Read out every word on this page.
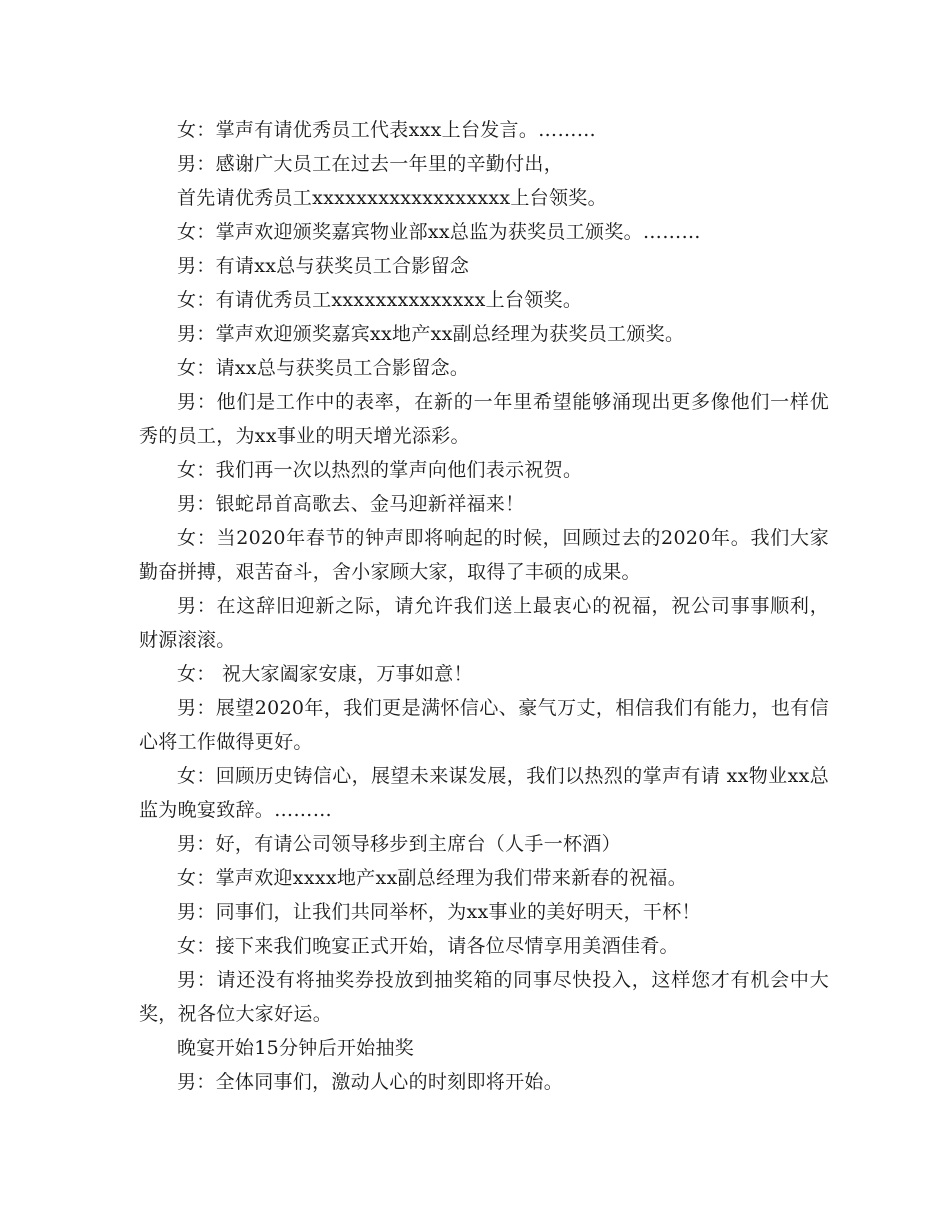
女：掌声有请优秀员工代表xxx上台发言。………

男：感谢广大员工在过去一年里的辛勤付出，

首先请优秀员工xxxxxxxxxxxxxxxxxx上台领奖。

女：掌声欢迎颁奖嘉宾物业部xx总监为获奖员工颁奖。………

男：有请xx总与获奖员工合影留念

女：有请优秀员工xxxxxxxxxxxxxx上台领奖。

男：掌声欢迎颁奖嘉宾xx地产xx副总经理为获奖员工颁奖。

女：请xx总与获奖员工合影留念。

男：他们是工作中的表率，在新的一年里希望能够涌现出更多像他们一样优秀的员工，为xx事业的明天增光添彩。

女：我们再一次以热烈的掌声向他们表示祝贺。

男：银蛇昂首高歌去、金马迎新祥福来！

女：当2020年春节的钟声即将响起的时候，回顾过去的2020年。我们大家勤奋拼搏，艰苦奋斗，舍小家顾大家，取得了丰硕的成果。

男：在这辞旧迎新之际，请允许我们送上最衷心的祝福，祝公司事事顺利，财源滚滚。

女： 祝大家阖家安康，万事如意！

男：展望2020年，我们更是满怀信心、豪气万丈，相信我们有能力，也有信心将工作做得更好。

女：回顾历史铸信心，展望未来谋发展，我们以热烈的掌声有请 xx物业xx总监为晚宴致辞。………

男：好，有请公司领导移步到主席台（人手一杯酒）

女：掌声欢迎xxxx地产xx副总经理为我们带来新春的祝福。

男：同事们，让我们共同举杯，为xx事业的美好明天，干杯！

女：接下来我们晚宴正式开始，请各位尽情享用美酒佳肴。

男：请还没有将抽奖券投放到抽奖箱的同事尽快投入，这样您才有机会中大奖，祝各位大家好运。

晚宴开始15分钟后开始抽奖

男：全体同事们，激动人心的时刻即将开始。
